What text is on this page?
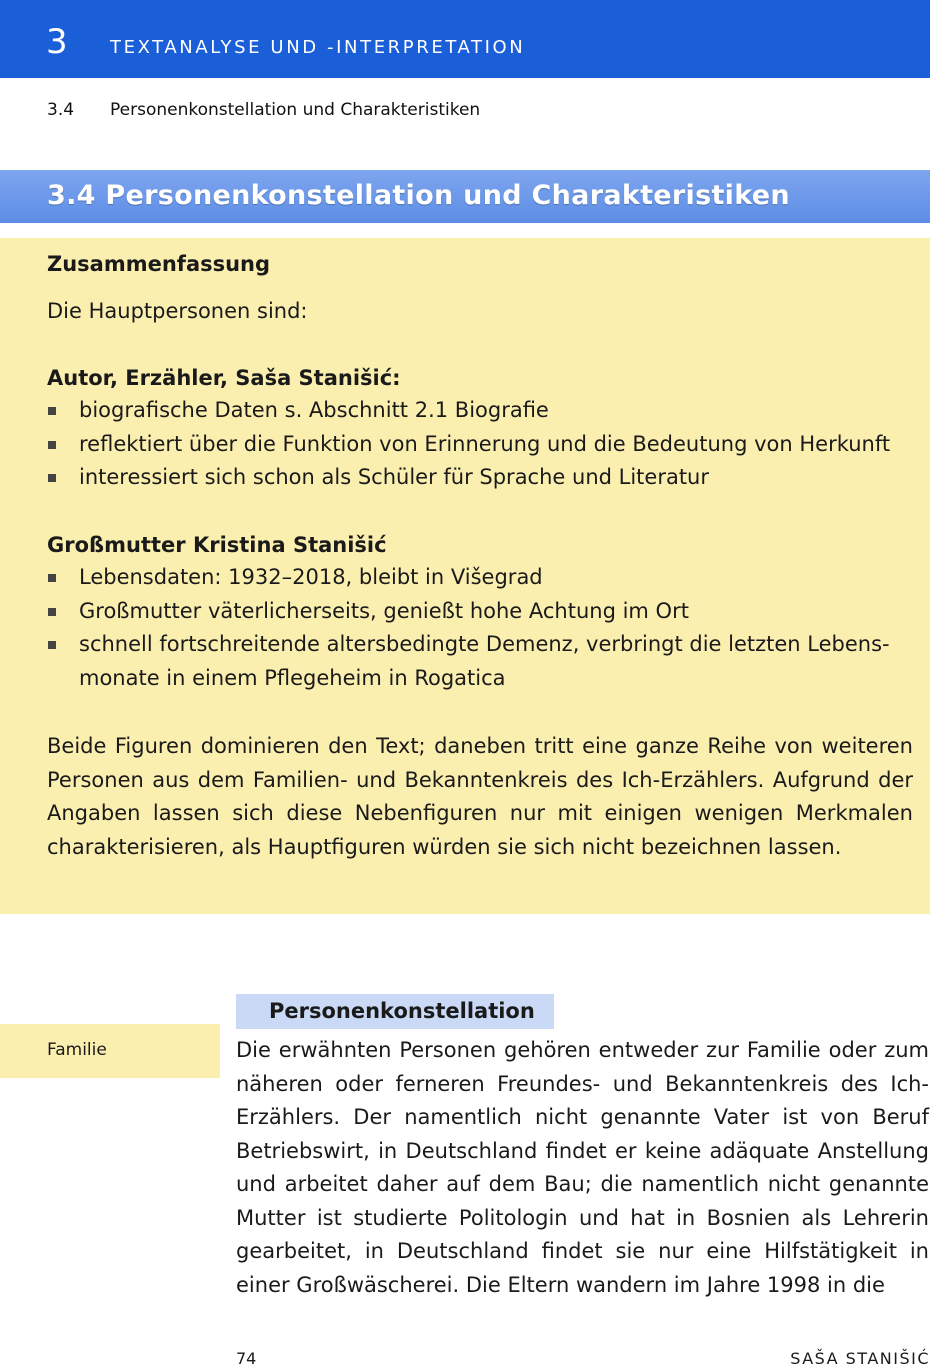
3 TEXTANALYSE UND -INTERPRETATION
3.4 Personenkonstellation und Charakteristiken
3.4 Personenkonstellation und Charakteristiken
Zusammenfassung
Die Hauptpersonen sind:
Autor, Erzähler, Saša Stanišić:
biografische Daten s. Abschnitt 2.1 Biografie
reflektiert über die Funktion von Erinnerung und die Bedeutung von Herkunft
interessiert sich schon als Schüler für Sprache und Literatur
Großmutter Kristina Stanišić
Lebensdaten: 1932–2018, bleibt in Višegrad
Großmutter väterlicherseits, genießt hohe Achtung im Ort
schnell fortschreitende altersbedingte Demenz, verbringt die letzten Lebensmonate in einem Pflegeheim in Rogatica

Beide Figuren dominieren den Text; daneben tritt eine ganze Reihe von weiteren Personen aus dem Familien- und Bekanntenkreis des Ich-Erzählers. Aufgrund der Angaben lassen sich diese Nebenfiguren nur mit einigen wenigen Merkmalen charakterisieren, als Hauptfiguren würden sie sich nicht bezeichnen lassen.

Personenkonstellation
Familie	Die erwähnten Personen gehören entweder zur Familie oder zum näheren oder ferneren Freundes- und Bekanntenkreis des Ich-Erzählers. Der namentlich nicht genannte Vater ist von Beruf Betriebswirt, in Deutschland findet er keine adäquate Anstellung und arbeitet daher auf dem Bau; die namentlich nicht genannte Mutter ist studierte Politologin und hat in Bosnien als Lehrerin gearbeitet, in Deutschland findet sie nur eine Hilfstätigkeit in einer Großwäscherei. Die Eltern wandern im Jahre 1998 in die

74	SAŠA STANIŠIĆ
